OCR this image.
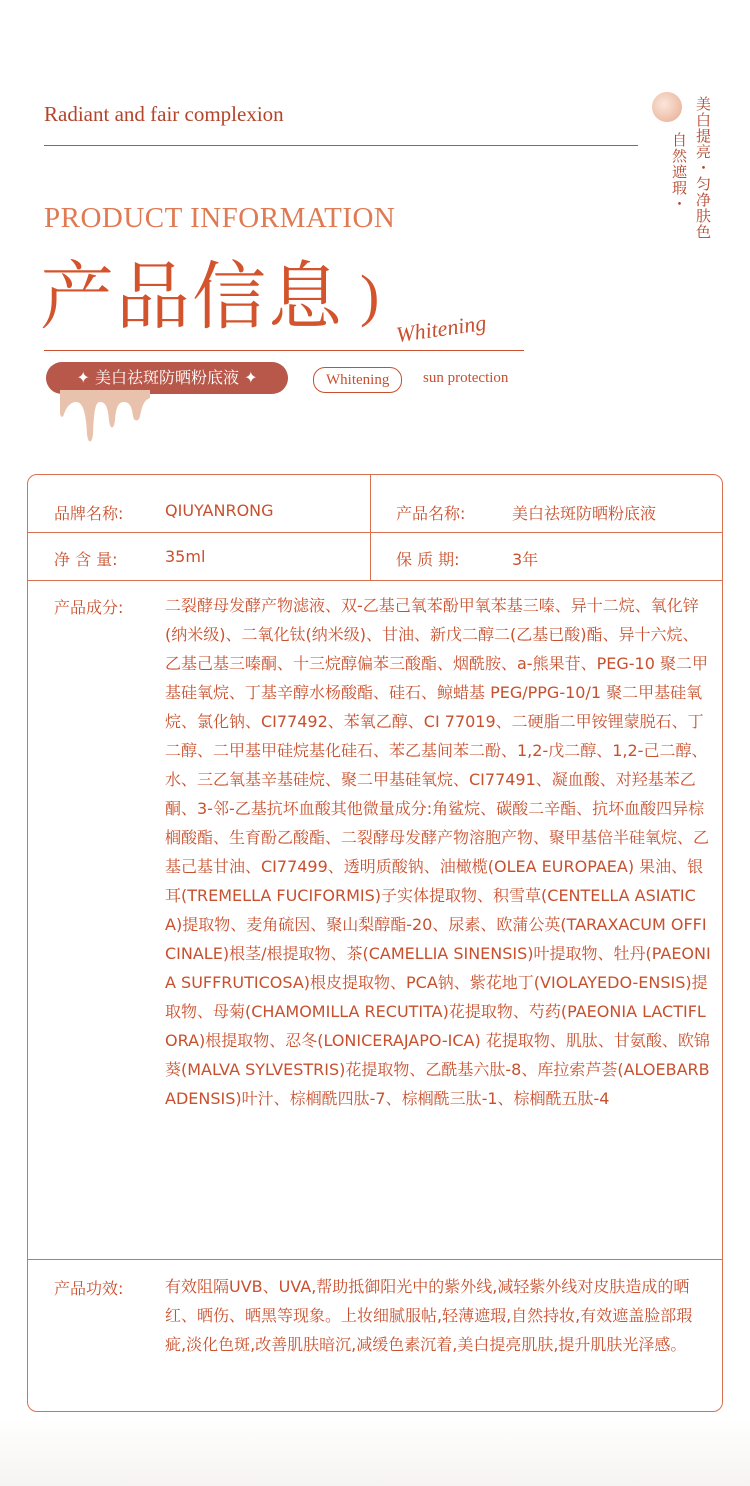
Radiant and fair complexion	美白提亮・匀净肤色
自然遮瑕・
PRODUCT INFORMATION
产品信息 )
Whitening
✦ 美白祛斑防晒粉底液 ✦	Whitening	sun protection
品牌名称:	QIUYANRONG	产品名称:	美白祛斑防晒粉底液
净 含 量:	35ml	保 质 期:	3年
产品成分:	二裂酵母发酵产物滤液、双-乙基己氧苯酚甲氧苯基三嗪、异十二烷、氧化锌(纳米级)、二氧化钛(纳米级)、甘油、新戊二醇二(乙基已酸)酯、异十六烷、乙基己基三嗪酮、十三烷醇偏苯三酸酯、烟酰胺、a-熊果苷、PEG-10 聚二甲基硅氧烷、丁基辛醇水杨酸酯、硅石、鲸蜡基 PEG/PPG-10/1 聚二甲基硅氧烷、氯化钠、CI77492、苯氧乙醇、CI 77019、二硬脂二甲铵锂蒙脱石、丁二醇、二甲基甲硅烷基化硅石、苯乙基间苯二酚、1,2-戊二醇、1,2-己二醇、水、三乙氧基辛基硅烷、聚二甲基硅氧烷、CI77491、凝血酸、对羟基苯乙酮、3-邻-乙基抗坏血酸其他微量成分:角鲨烷、碳酸二辛酯、抗坏血酸四异棕榈酸酯、生育酚乙酸酯、二裂酵母发酵产物溶胞产物、聚甲基倍半硅氧烷、乙基己基甘油、CI77499、透明质酸钠、油橄榄(OLEA EUROPAEA) 果油、银耳(TREMELLA FUCIFORMIS)子实体提取物、积雪草(CENTELLA ASIATICA)提取物、麦角硫因、聚山梨醇酯-20、尿素、欧蒲公英(TARAXACUM OFFICINALE)根茎/根提取物、茶(CAMELLIA SINENSIS)叶提取物、牡丹(PAEONIA SUFFRUTICOSA)根皮提取物、PCA钠、紫花地丁(VIOLAYEDO-ENSIS)提取物、母菊(CHAMOMILLA RECUTITA)花提取物、芍药(PAEONIA LACTIFLORA)根提取物、忍冬(LONICERAJAPO-ICA) 花提取物、肌肽、甘氨酸、欧锦葵(MALVA SYLVESTRIS)花提取物、乙酰基六肽-8、库拉索芦荟(ALOEBARBADENSIS)叶汁、棕榈酰四肽-7、棕榈酰三肽-1、棕榈酰五肽-4
产品功效:	有效阻隔UVB、UVA,帮助抵御阳光中的紫外线,减轻紫外线对皮肤造成的晒红、晒伤、晒黑等现象。上妆细腻服帖,轻薄遮瑕,自然持妆,有效遮盖脸部瑕疵,淡化色斑,改善肌肤暗沉,减缓色素沉着,美白提亮肌肤,提升肌肤光泽感。
